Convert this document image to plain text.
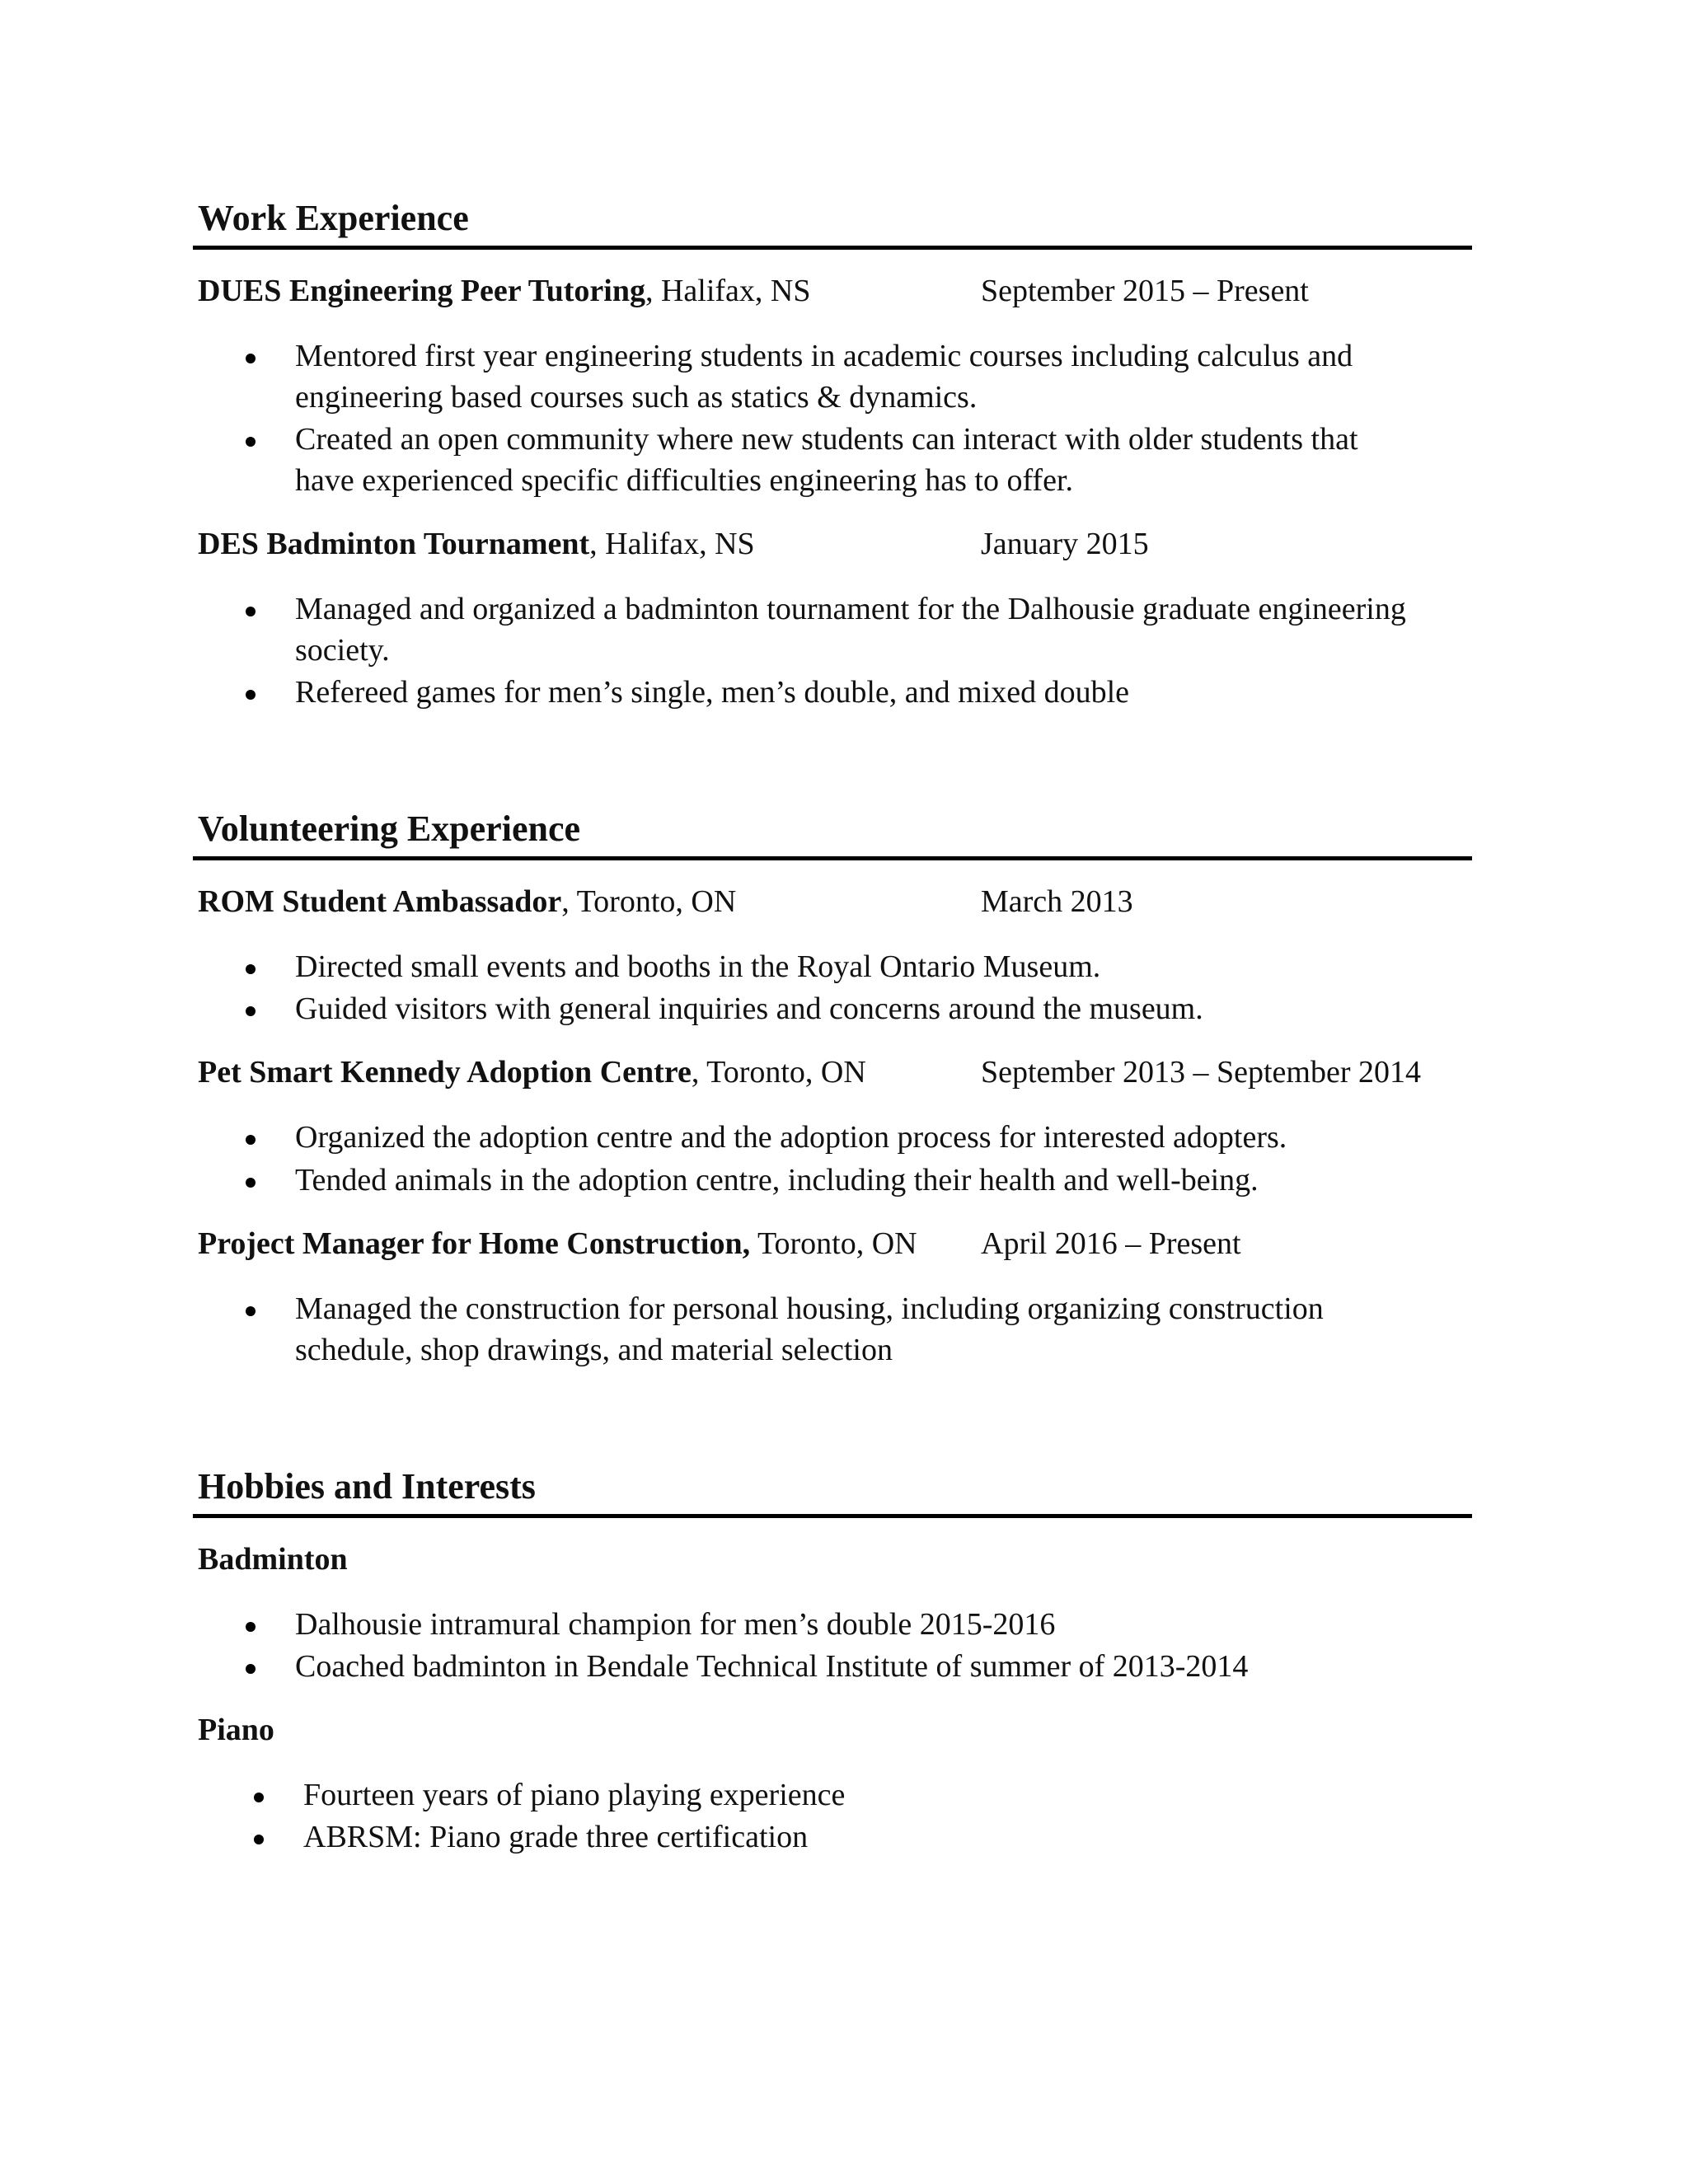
Work Experience
DUES Engineering Peer Tutoring, Halifax, NS	September 2015 – Present
Mentored first year engineering students in academic courses including calculus and
engineering based courses such as statics & dynamics.
Created an open community where new students can interact with older students that
have experienced specific difficulties engineering has to offer.
DES Badminton Tournament, Halifax, NS	January 2015
Managed and organized a badminton tournament for the Dalhousie graduate engineering
society.
Refereed games for men’s single, men’s double, and mixed double
Volunteering Experience
ROM Student Ambassador, Toronto, ON	March 2013
Directed small events and booths in the Royal Ontario Museum.
Guided visitors with general inquiries and concerns around the museum.
Pet Smart Kennedy Adoption Centre, Toronto, ON	September 2013 – September 2014
Organized the adoption centre and the adoption process for interested adopters.
Tended animals in the adoption centre, including their health and well-being.
Project Manager for Home Construction, Toronto, ON April 2016 – Present
Managed the construction for personal housing, including organizing construction
schedule, shop drawings, and material selection
Hobbies and Interests
Badminton
Dalhousie intramural champion for men’s double 2015-2016
Coached badminton in Bendale Technical Institute of summer of 2013-2014
Piano
Fourteen years of piano playing experience
ABRSM: Piano grade three certification
